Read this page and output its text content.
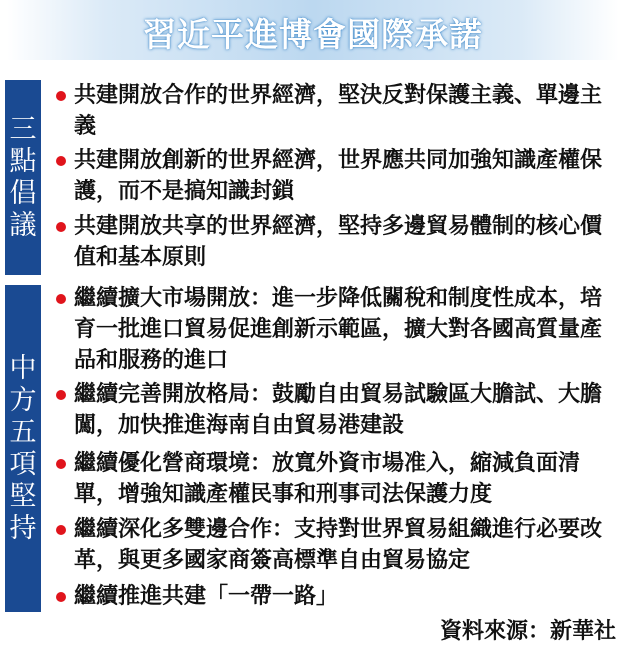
習近平進博會國際承諾
三
點
倡
議
共建開放合作的世界經濟，堅決反對保護主義、單邊主義
共建開放創新的世界經濟，世界應共同加強知識產權保護，而不是搞知識封鎖
共建開放共享的世界經濟，堅持多邊貿易體制的核心價值和基本原則
中
方
五
項
堅
持
繼續擴大市場開放：進一步降低關稅和制度性成本，培育一批進口貿易促進創新示範區，擴大對各國高質量產品和服務的進口
繼續完善開放格局：鼓勵自由貿易試驗區大膽試、大膽闖，加快推進海南自由貿易港建設
繼續優化營商環境：放寬外資市場准入，縮減負面清單，增強知識產權民事和刑事司法保護力度
繼續深化多雙邊合作：支持對世界貿易組織進行必要改革，與更多國家商簽高標準自由貿易協定
繼續推進共建「一帶一路」
資料來源：新華社
